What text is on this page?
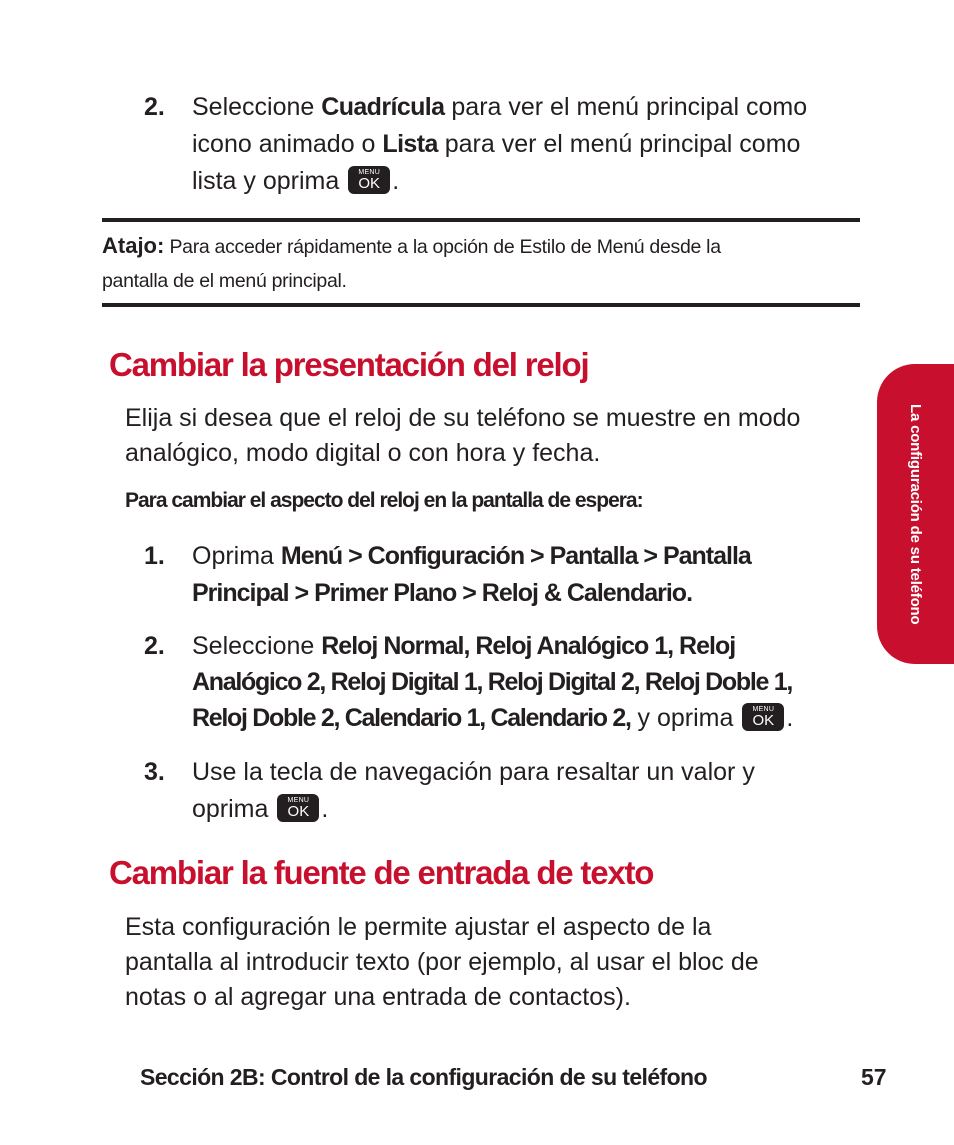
2. Seleccione Cuadrícula para ver el menú principal como
icono animado o Lista para ver el menú principal como
lista y oprima	MENU
OK .
Atajo: Para acceder rápidamente a la opción de Estilo de Menú desde la
pantalla de el menú principal.
Cambiar la presentación del reloj
Elija si desea que el reloj de su teléfono se muestre en modo
analógico, modo digital o con hora y fecha.
Para cambiar el aspecto del reloj en la pantalla de espera:
1. Oprima Menú > Configuración > Pantalla > Pantalla
Principal > Primer Plano > Reloj & Calendario.
2. Seleccione Reloj Normal, Reloj Analógico 1, Reloj
Analógico 2, Reloj Digital 1, Reloj Digital 2, Reloj Doble 1,
Reloj Doble 2, Calendario 1, Calendario 2, y oprima	MENU
OK .
3. Use la tecla de navegación para resaltar un valor y
oprima	MENU
OK .
Cambiar la fuente de entrada de texto
Esta configuración le permite ajustar el aspecto de la
pantalla al introducir texto (por ejemplo, al usar el bloc de
notas o al agregar una entrada de contactos).
La configuración de su teléfono
Sección 2B: Control de la configuración de su teléfono	57
